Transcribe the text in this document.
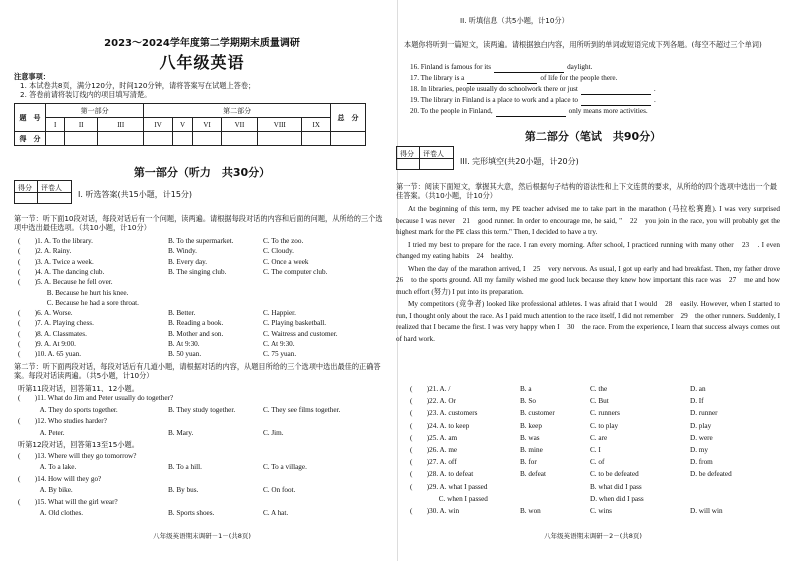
2023～2024学年度第二学期期末质量调研
八年级英语
注意事项：
1. 本试卷共8页，满分120分，时间120分钟，请将答案写在试题上答卷；
2. 答卷前请将装订线内的项目填写清楚。
题　号	第一部分			第二部分						总　分
	I	II	III	IV	V	VI	VII	VIII	IX	
得　分										
第一部分（听力　共30分）
得分 评卷人
I. 听选答案(共15小题，计15分)
第一节：听下面10段对话，每段对话后有一个问题，读两遍。请根据每段对话的内容和后面的问题，从所给的三个选项中选出最佳选项。（共10小题，计10分）
(　　)1. A. To the library.	B. To the supermarket.	C. To the zoo.
(　　)2. A. Rainy.	B. Windy.	C. Cloudy.
(　　)3. A. Twice a week.	B. Every day.	C. Once a week
(　　)4. A. The dancing club.	B. The singing club.	C. The computer club.
(　　)5. A. Because he fell over.
　　　　B. Because he hurt his knee.
　　　　C. Because he had a sore throat.
(　　)6. A. Worse.	B. Better.	C. Happier.
(　　)7. A. Playing chess.	B. Reading a book.	C. Playing basketball.
(　　)8. A. Classmates.	B. Mother and son.	C. Waitress and customer.
(　　)9. A. At 9:00.	B. At 9:30.	C. At 9:30.
(　　)10. A. 65 yuan.	B. 50 yuan.	C. 75 yuan.
第二节：听下面两段对话，每段对话后有几道小题，请根据对话的内容，从题目所给的三个选项中选出最佳的正确答案。每段对话读两遍。（共5小题，计10分）
听第11段对话，回答第11、12小题。
(　　)11. What do Jim and Peter usually do together?
　　　A. They do sports together.	B. They study together.	C. They see films together.
(　　)12. Who studies harder?
　　　A. Peter.	B. Mary.	C. Jim.
听第12段对话，回答第13至15小题。
(　　)13. Where will they go tomorrow?
　　　A. To a lake.	B. To a hill.	C. To a village.
(　　)14. How will they go?
　　　A. By bike.	B. By bus.	C. On foot.
(　　)15. What will the girl wear?
　　　A. Old clothes.	B. Sports shoes.	C. A hat.
八年级英语期末调研－1－(共8页)
II. 听填信息（共5小题，计10分）
本题你将听到一篇短文，读两遍。请根据独白内容，用所听到的单词或短语完成下列各题。(每空不超过三个单词)
16. Finland is famous for its	daylight.
17. The library is a	of life for the people there.
18. In libraries, people usually do schoolwork there or just	.
19. The library in Finland is a place to work and a place to	.
20. To the people in Finland,	only means more activities.
第二部分（笔试　共90分）
得分 评卷人
III. 完形填空(共20小题，计20分)
第一节：阅读下面短文，掌握其大意，然后根据句子结构的语法性和上下文连贯的要求，从所给的四个选项中选出一个最佳答案。（共10小题，计10分）
At the beginning of this term, my PE teacher advised me to take part in the marathon (马拉松赛跑). I was very surprised because I was never　21　good runner. In order to encourage me, he said, "　22　you join in the race, you will probably get the highest mark for the PE class this term." Then, I decided to have a try.
I tried my best to prepare for the race. I ran every morning. After school, I practiced running with many other　23　. I even changed my eating habits　24　healthy.
When the day of the marathon arrived, I　25　very nervous. As usual, I got up early and had breakfast. Then, my father drove　26　to the sports ground. All my family wished me good luck because they knew how important this race was　27　me and how much effort (努力) I put into its preparation.
My competitors (竞争者) looked like professional athletes. I was afraid that I would　28　easily. However, when I started to run, I thought only about the race. As I paid much attention to the race itself, I did not remember　29　the other runners. Suddenly, I realized that I became the first. I was very happy when I　30　the race. From the experience, I learn that success always comes out of hard work.
(　　)21. A. /	B. a	C. the	D. an
(　　)22. A. Or	B. So	C. But	D. If
(　　)23. A. customers	B. customer	C. runners	D. runner
(　　)24. A. to keep	B. keep	C. to play	D. play
(　　)25. A. am	B. was	C. are	D. were
(　　)26. A. me	B. mine	C. I	D. my
(　　)27. A. off	B. for	C. of	D. from
(　　)28. A. to defeat	B. defeat	C. to be defeated	D. be defeated
(　　)29. A. what I passed	B. what did I pass
　　　　C. when I passed	D. when did I pass
(　　)30. A. win	B. won	C. wins	D. will win
八年级英语期末调研－2－(共8页)
